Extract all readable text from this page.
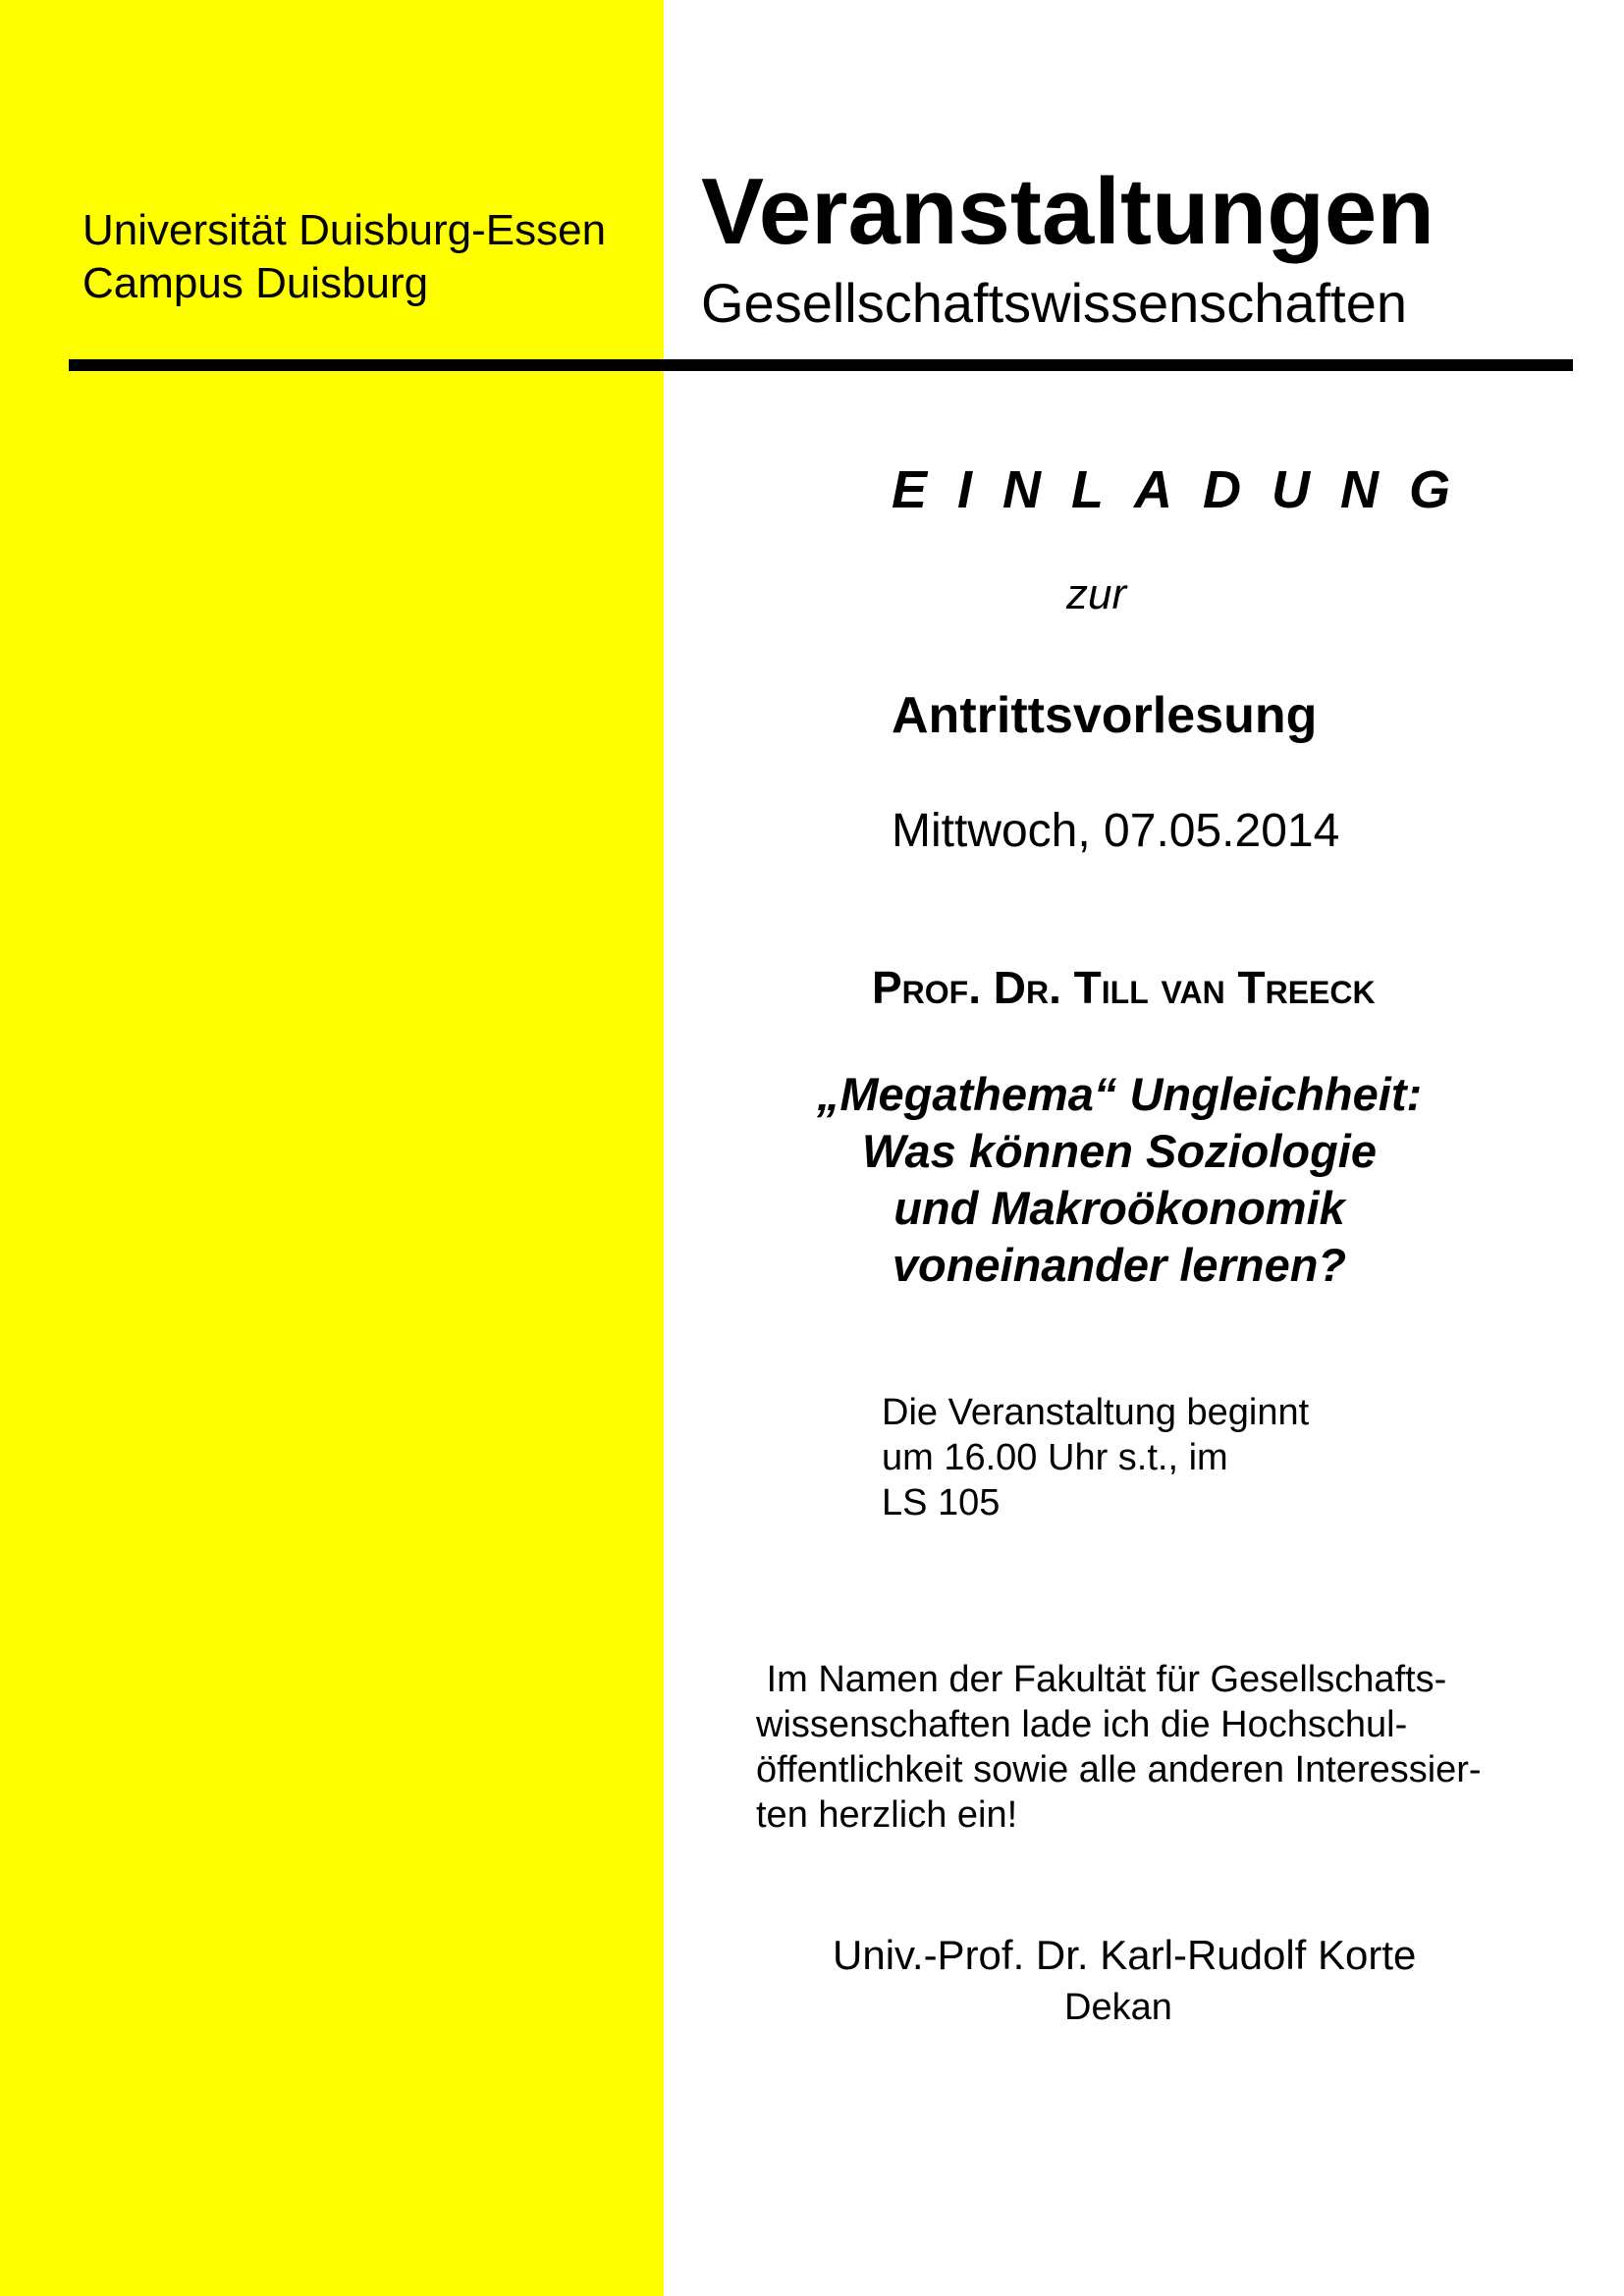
Universität Duisburg-Essen
Campus Duisburg
Veranstaltungen
Gesellschaftswissenschaften
EINLADUNG
zur
Antrittsvorlesung
Mittwoch, 07.05.2014
Prof. Dr. Till van Treeck
„Megathema“ Ungleichheit:
Was können Soziologie
und Makroökonomik
voneinander lernen?
Die Veranstaltung beginnt
um 16.00 Uhr s.t., im
LS 105
Im Namen der Fakultät für Gesellschafts-
wissenschaften lade ich die Hochschul-
öffentlichkeit sowie alle anderen Interessier-
ten herzlich ein!
Univ.-Prof. Dr. Karl-Rudolf Korte
Dekan
